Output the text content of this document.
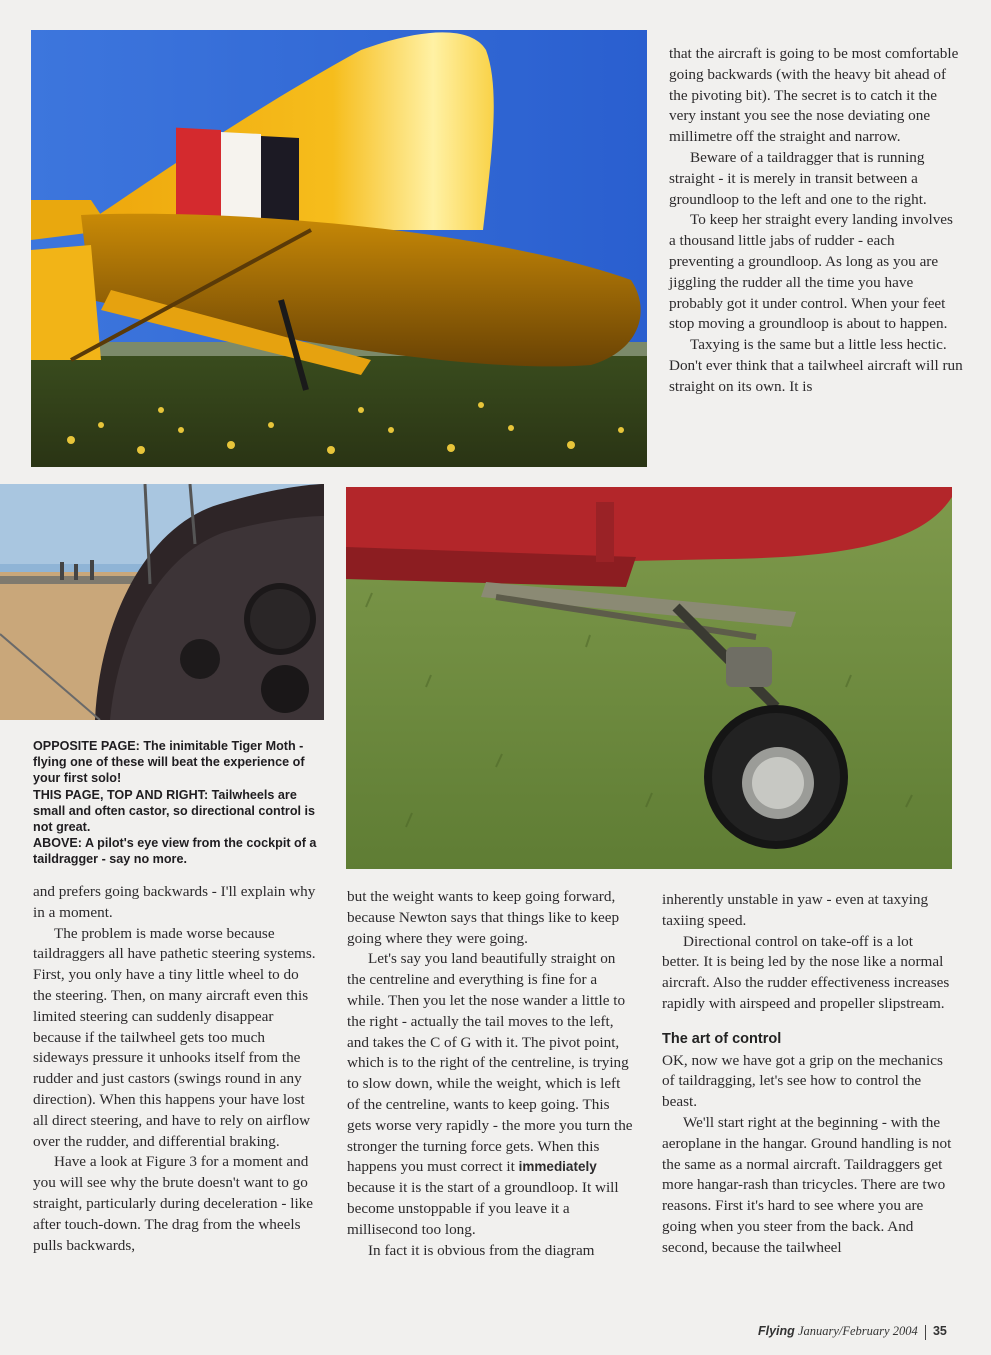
that the aircraft is going to be most comfortable going backwards (with the heavy bit ahead of the pivoting bit). The secret is to catch it the very instant you see the nose deviating one millimetre off the straight and narrow.

Beware of a taildragger that is running straight - it is merely in transit between a groundloop to the left and one to the right.

To keep her straight every landing involves a thousand little jabs of rudder - each preventing a groundloop. As long as you are jiggling the rudder all the time you have probably got it under control. When your feet stop moving a groundloop is about to happen.

Taxying is the same but a little less hectic. Don't ever think that a tailwheel aircraft will run straight on its own. It is

OPPOSITE PAGE: The inimitable Tiger Moth - flying one of these will beat the experience of your first solo!

THIS PAGE, TOP AND RIGHT: Tailwheels are small and often castor, so directional control is not great.

ABOVE: A pilot's eye view from the cockpit of a taildragger - say no more.

and prefers going backwards - I'll explain why in a moment.

The problem is made worse because taildraggers all have pathetic steering systems. First, you only have a tiny little wheel to do the steering. Then, on many aircraft even this limited steering can suddenly disappear because if the tailwheel gets too much sideways pressure it unhooks itself from the rudder and just castors (swings round in any direction). When this happens your have lost all direct steering, and have to rely on airflow over the rudder, and differential braking.

Have a look at Figure 3 for a moment and you will see why the brute doesn't want to go straight, particularly during deceleration - like after touch-down. The drag from the wheels pulls backwards,

but the weight wants to keep going forward, because Newton says that things like to keep going where they were going.

Let's say you land beautifully straight on the centreline and everything is fine for a while. Then you let the nose wander a little to the right - actually the tail moves to the left, and takes the C of G with it. The pivot point, which is to the right of the centreline, is trying to slow down, while the weight, which is left of the centreline, wants to keep going. This gets worse very rapidly - the more you turn the stronger the turning force gets. When this happens you must correct it immediately because it is the start of a groundloop. It will become unstoppable if you leave it a millisecond too long.

In fact it is obvious from the diagram

inherently unstable in yaw - even at taxying taxiing speed.

Directional control on take-off is a lot better. It is being led by the nose like a normal aircraft. Also the rudder effectiveness increases rapidly with airspeed and propeller slipstream.

The art of control

OK, now we have got a grip on the mechanics of taildragging, let's see how to control the beast.

We'll start right at the beginning - with the aeroplane in the hangar. Ground handling is not the same as a normal aircraft. Taildraggers get more hangar-rash than tricycles. There are two reasons. First it's hard to see where you are going when you steer from the back. And second, because the tailwheel

Flying January/February 2004 35
